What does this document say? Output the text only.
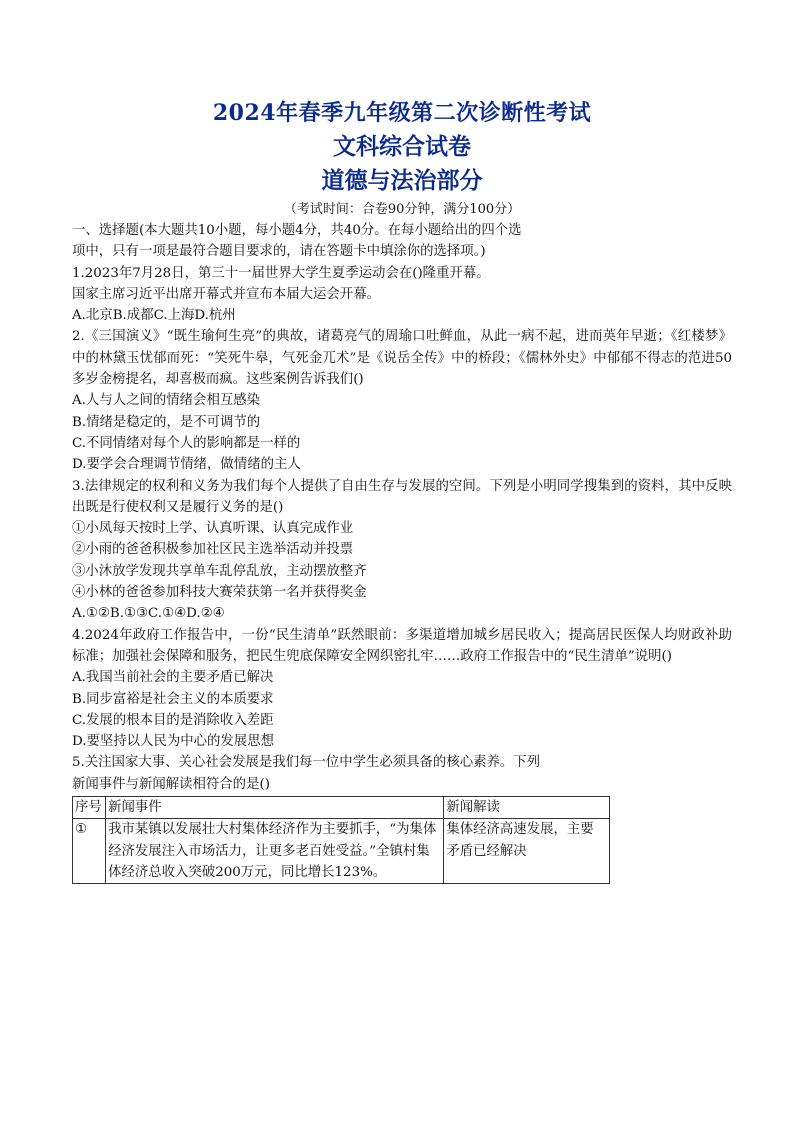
2024年春季九年级第二次诊断性考试
文科综合试卷
道德与法治部分
（考试时间：合卷90分钟，满分100分）
一、选择题(本大题共10小题，每小题4分，共40分。在每小题给出的四个选
项中，只有一项是最符合题目要求的，请在答题卡中填涂你的选择项。)
1.2023年7月28日，第三十一届世界大学生夏季运动会在()隆重开幕。
国家主席习近平出席开幕式并宣布本届大运会开幕。
A.北京B.成都C.上海D.杭州
2.《三国演义》“既生瑜何生亮”的典故，诸葛亮气的周瑜口吐鲜血，从此一病不起，进而英年早逝；《红楼梦》中的林黛玉忧郁而死：“笑死牛皋，气死金兀术”是《说岳全传》中的桥段；《儒林外史》中郁郁不得志的范进50多岁金榜提名，却喜极而疯。这些案例告诉我们()
A.人与人之间的情绪会相互感染
B.情绪是稳定的，是不可调节的
C.不同情绪对每个人的影响都是一样的
D.要学会合理调节情绪，做情绪的主人
3.法律规定的权利和义务为我们每个人提供了自由生存与发展的空间。下列是小明同学搜集到的资料，其中反映出既是行使权利又是履行义务的是()
①小凤每天按时上学、认真听课、认真完成作业
②小雨的爸爸积极参加社区民主选举活动并投票
③小沐放学发现共享单车乱停乱放，主动摆放整齐
④小林的爸爸参加科技大赛荣获第一名并获得奖金
A.①②B.①③C.①④D.②④
4.2024年政府工作报告中，一份“民生清单”跃然眼前：多渠道增加城乡居民收入；提高居民医保人均财政补助标准；加强社会保障和服务，把民生兜底保障安全网织密扎牢……政府工作报告中的“民生清单”说明()
A.我国当前社会的主要矛盾已解决
B.同步富裕是社会主义的本质要求
C.发展的根本目的是消除收入差距
D.要坚持以人民为中心的发展思想
5.关注国家大事、关心社会发展是我们每一位中学生必须具备的核心素养。下列
新闻事件与新闻解读相符合的是()
序号	新闻事件	新闻解读
①	我市某镇以发展壮大村集体经济作为主要抓手，“为集体经济发展注入市场活力，让更多老百姓受益。”全镇村集体经济总收入突破200万元，同比增长123%。	集体经济高速发展，主要矛盾已经解决
